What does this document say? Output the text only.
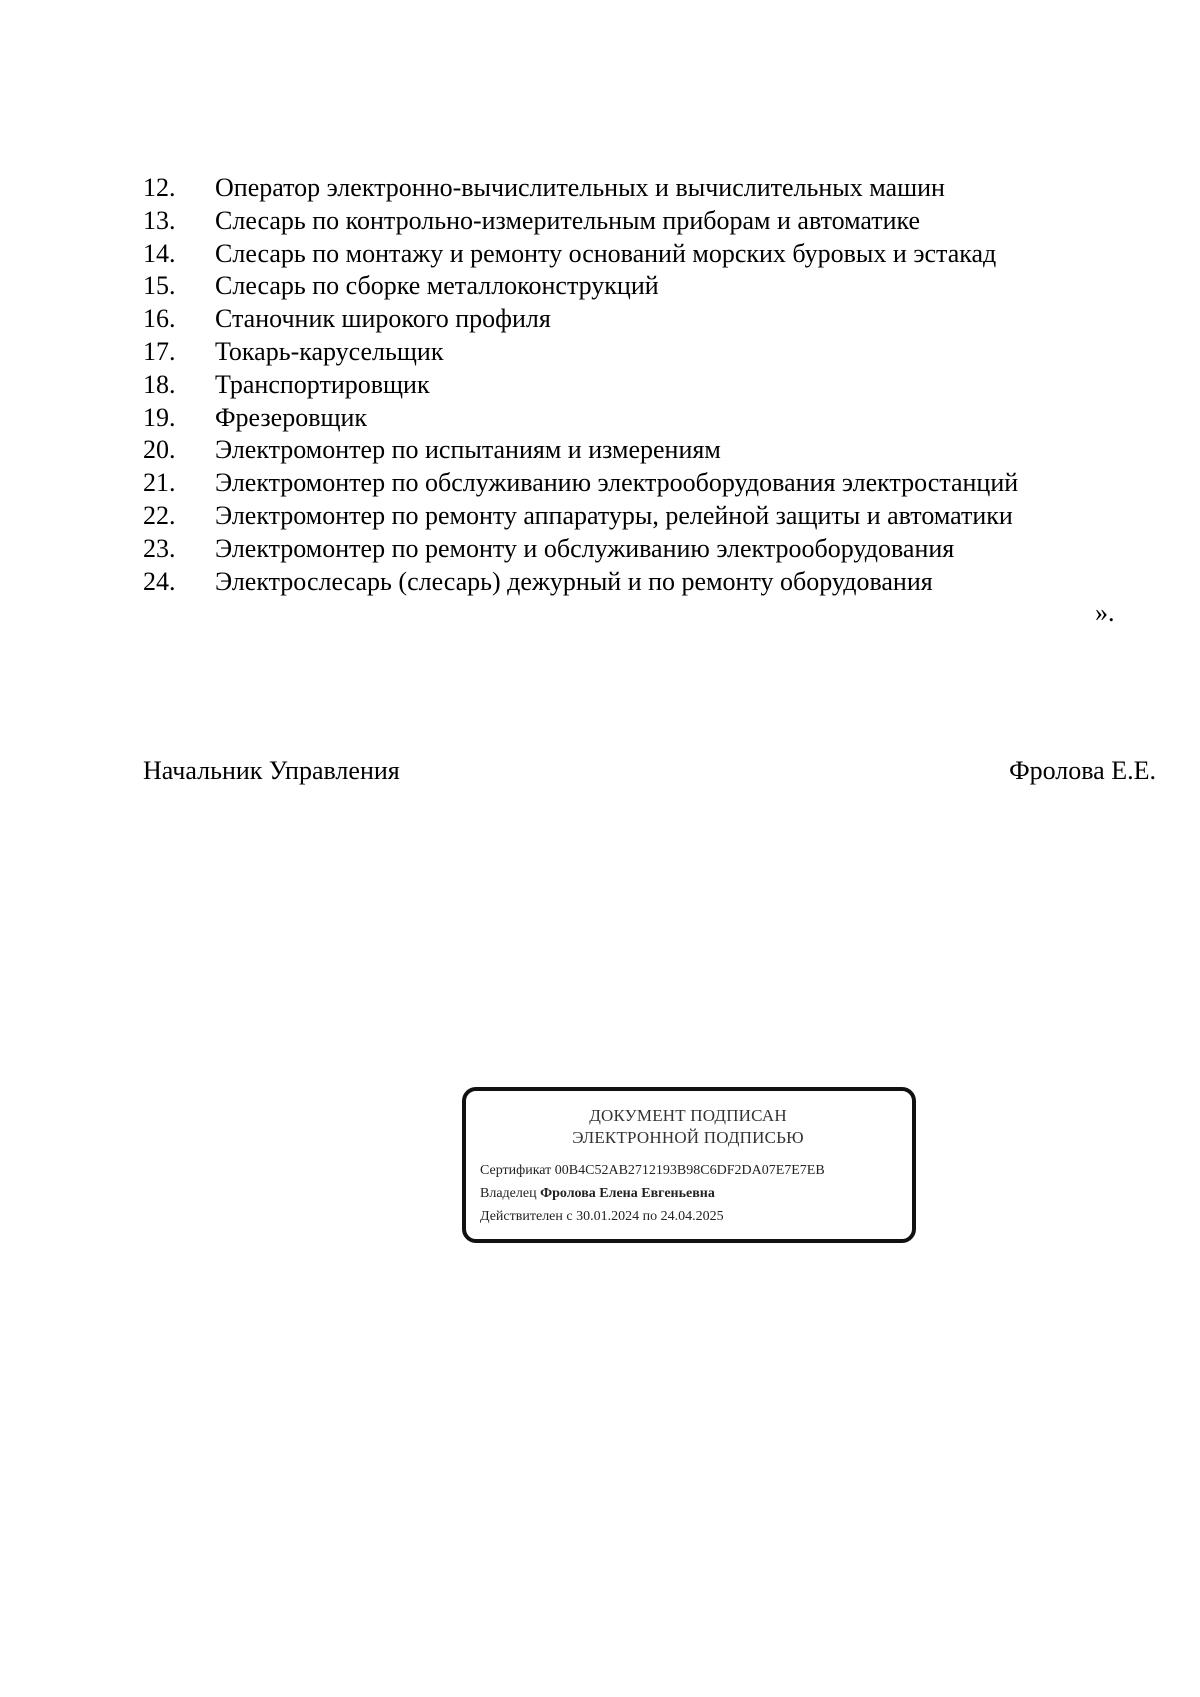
12.	Оператор электронно-вычислительных и вычислительных машин
13.	Слесарь по контрольно-измерительным приборам и автоматике
14.	Слесарь по монтажу и ремонту оснований морских буровых и эстакад
15.	Слесарь по сборке металлоконструкций
16.	Станочник широкого профиля
17.	Токарь-карусельщик
18.	Транспортировщик
19.	Фрезеровщик
20.	Электромонтер по испытаниям и измерениям
21.	Электромонтер по обслуживанию электрооборудования электростанций
22.	Электромонтер по ремонту аппаратуры, релейной защиты и автоматики
23.	Электромонтер по ремонту и обслуживанию электрооборудования
24.	Электрослесарь (слесарь) дежурный и по ремонту оборудования
».
Начальник Управления	Фролова Е.Е.
ДОКУМЕНТ ПОДПИСАН
ЭЛЕКТРОННОЙ ПОДПИСЬЮ
Сертификат 00B4C52AB2712193B98C6DF2DA07E7E7EB
Владелец Фролова Елена Евгеньевна
Действителен с 30.01.2024 по 24.04.2025
